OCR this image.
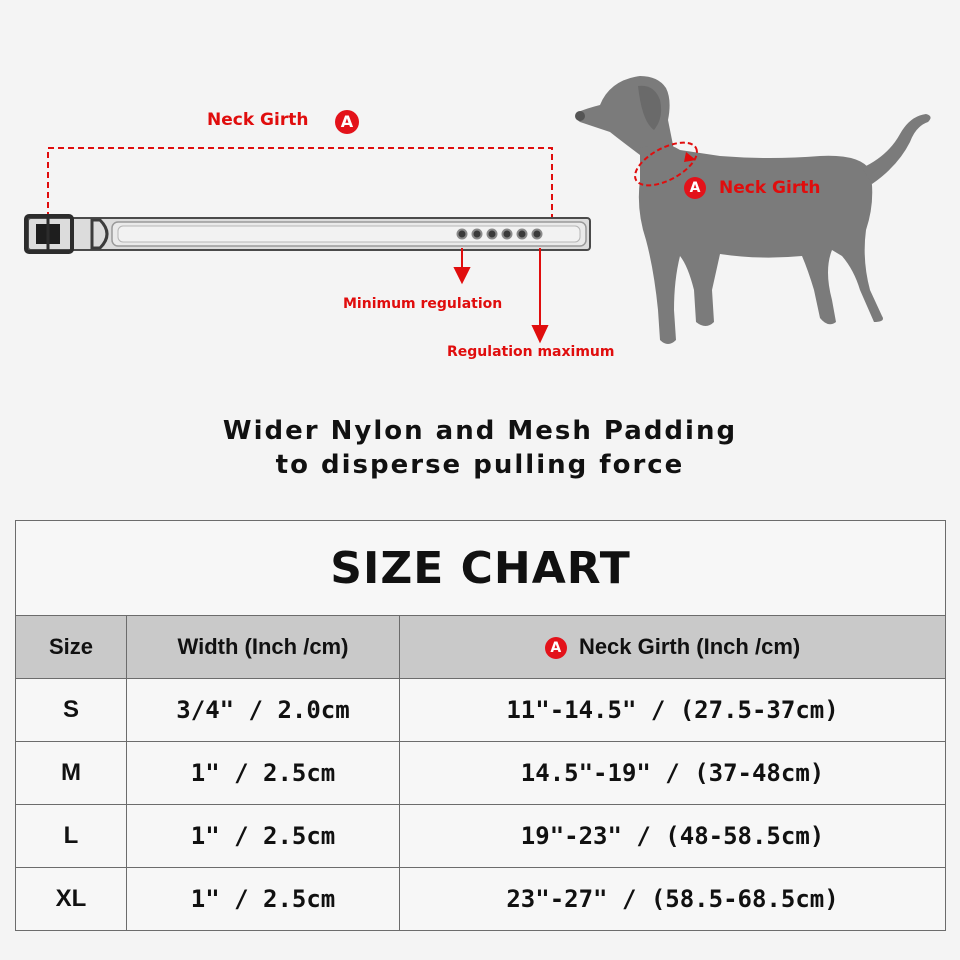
Neck Girth	A
Minimum regulation
Regulation maximum
A	Neck Girth
Wider Nylon and Mesh Padding
to disperse pulling force
SIZE CHART		
Size	Width (Inch /cm)	A Neck Girth (Inch /cm)
S	3/4" / 2.0cm	11"-14.5" / (27.5-37cm)
M	1" / 2.5cm	14.5"-19" / (37-48cm)
L	1" / 2.5cm	19"-23" / (48-58.5cm)
XL	1" / 2.5cm	23"-27" / (58.5-68.5cm)
